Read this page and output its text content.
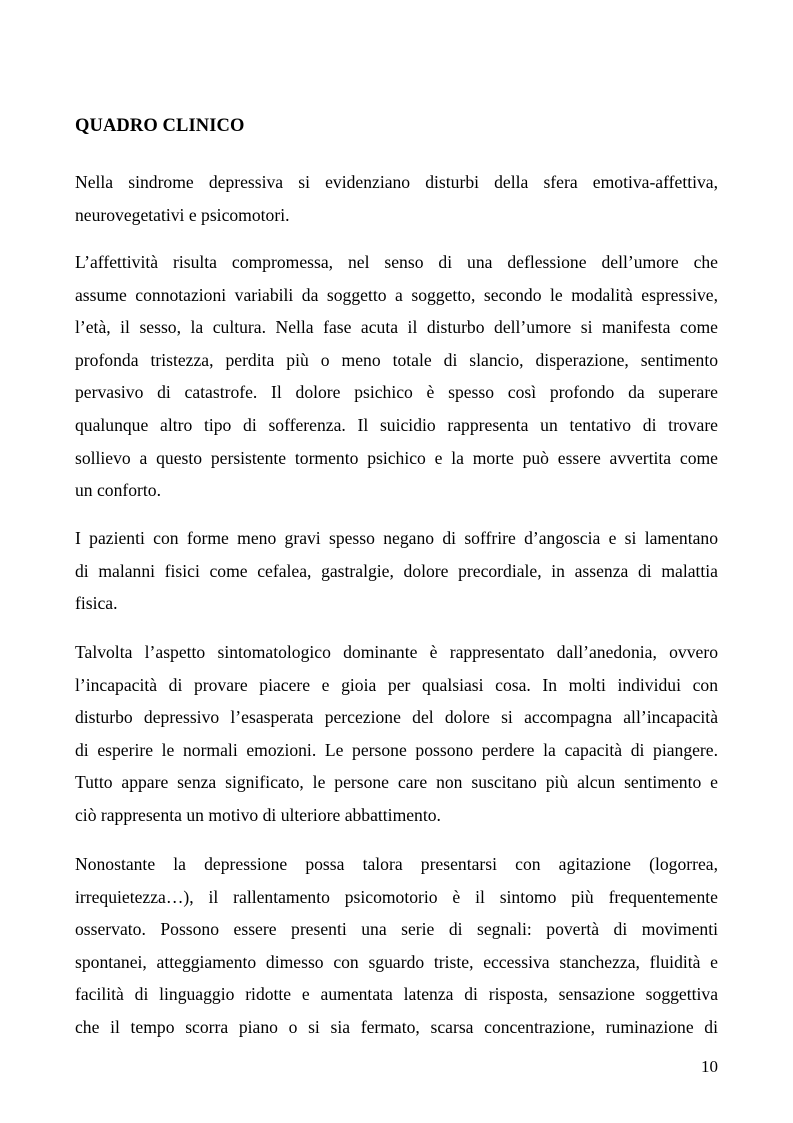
QUADRO CLINICO

Nella sindrome depressiva si evidenziano disturbi della sfera emotiva-affettiva,
neurovegetativi e psicomotori.

L’affettività risulta compromessa, nel senso di una deflessione dell’umore che
assume connotazioni variabili da soggetto a soggetto, secondo le modalità espressive,
l’età, il sesso, la cultura. Nella fase acuta il disturbo dell’umore si manifesta come
profonda tristezza, perdita più o meno totale di slancio, disperazione, sentimento
pervasivo di catastrofe. Il dolore psichico è spesso così profondo da superare
qualunque altro tipo di sofferenza. Il suicidio rappresenta un tentativo di trovare
sollievo a questo persistente tormento psichico e la morte può essere avvertita come
un conforto.

I pazienti con forme meno gravi spesso negano di soffrire d’angoscia e si lamentano
di malanni fisici come cefalea, gastralgie, dolore precordiale, in assenza di malattia
fisica.

Talvolta l’aspetto sintomatologico dominante è rappresentato dall’anedonia, ovvero
l’incapacità di provare piacere e gioia per qualsiasi cosa. In molti individui con
disturbo depressivo l’esasperata percezione del dolore si accompagna all’incapacità
di esperire le normali emozioni. Le persone possono perdere la capacità di piangere.
Tutto appare senza significato, le persone care non suscitano più alcun sentimento e
ciò rappresenta un motivo di ulteriore abbattimento.

Nonostante la depressione possa talora presentarsi con agitazione (logorrea,
irrequietezza…), il rallentamento psicomotorio è il sintomo più frequentemente
osservato. Possono essere presenti una serie di segnali: povertà di movimenti
spontanei, atteggiamento dimesso con sguardo triste, eccessiva stanchezza, fluidità e
facilità di linguaggio ridotte e aumentata latenza di risposta, sensazione soggettiva
che il tempo scorra piano o si sia fermato, scarsa concentrazione, ruminazione di

10
